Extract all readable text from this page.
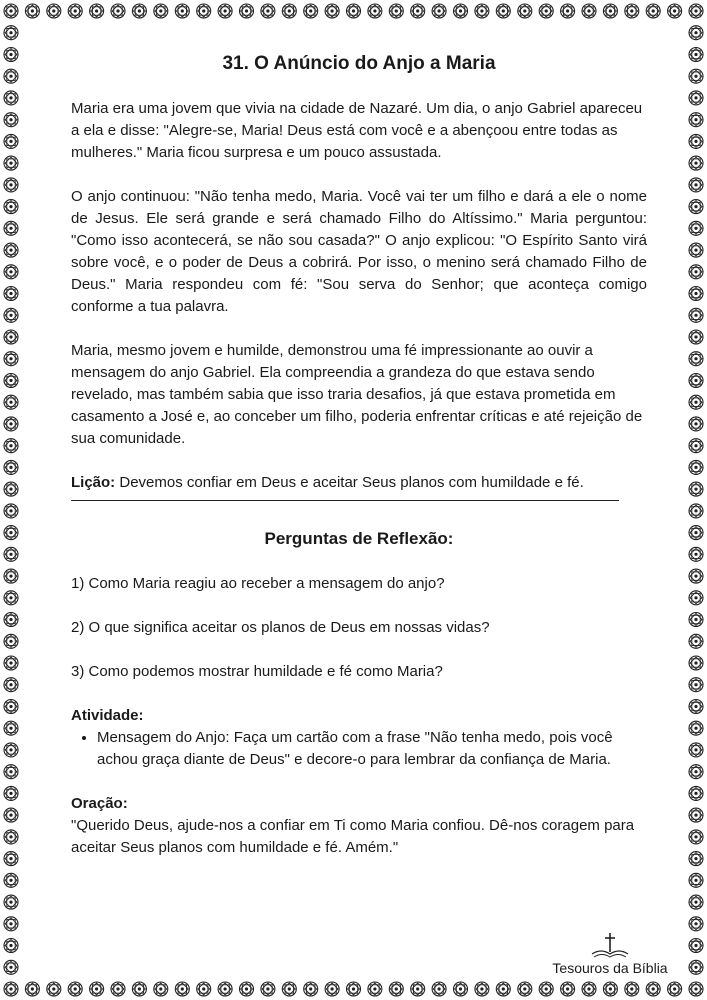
31. O Anúncio do Anjo a Maria

Maria era uma jovem que vivia na cidade de Nazaré. Um dia, o anjo Gabriel apareceu a ela e disse: "Alegre-se, Maria! Deus está com você e a abençoou entre todas as mulheres." Maria ficou surpresa e um pouco assustada.

O anjo continuou: "Não tenha medo, Maria. Você vai ter um filho e dará a ele o nome de Jesus. Ele será grande e será chamado Filho do Altíssimo." Maria perguntou: "Como isso acontecerá, se não sou casada?" O anjo explicou: "O Espírito Santo virá sobre você, e o poder de Deus a cobrirá. Por isso, o menino será chamado Filho de Deus." Maria respondeu com fé: "Sou serva do Senhor; que aconteça comigo conforme a tua palavra.

Maria, mesmo jovem e humilde, demonstrou uma fé impressionante ao ouvir a mensagem do anjo Gabriel. Ela compreendia a grandeza do que estava sendo revelado, mas também sabia que isso traria desafios, já que estava prometida em casamento a José e, ao conceber um filho, poderia enfrentar críticas e até rejeição de sua comunidade.

Lição: Devemos confiar em Deus e aceitar Seus planos com humildade e fé.

Perguntas de Reflexão:

1) Como Maria reagiu ao receber a mensagem do anjo?

2) O que significa aceitar os planos de Deus em nossas vidas?

3) Como podemos mostrar humildade e fé como Maria?

Atividade:

• Mensagem do Anjo: Faça um cartão com a frase "Não tenha medo, pois você achou graça diante de Deus" e decore-o para lembrar da confiança de Maria.

Oração:

"Querido Deus, ajude-nos a confiar em Ti como Maria confiou. Dê-nos coragem para aceitar Seus planos com humildade e fé. Amém."

Tesouros da Bíblia
